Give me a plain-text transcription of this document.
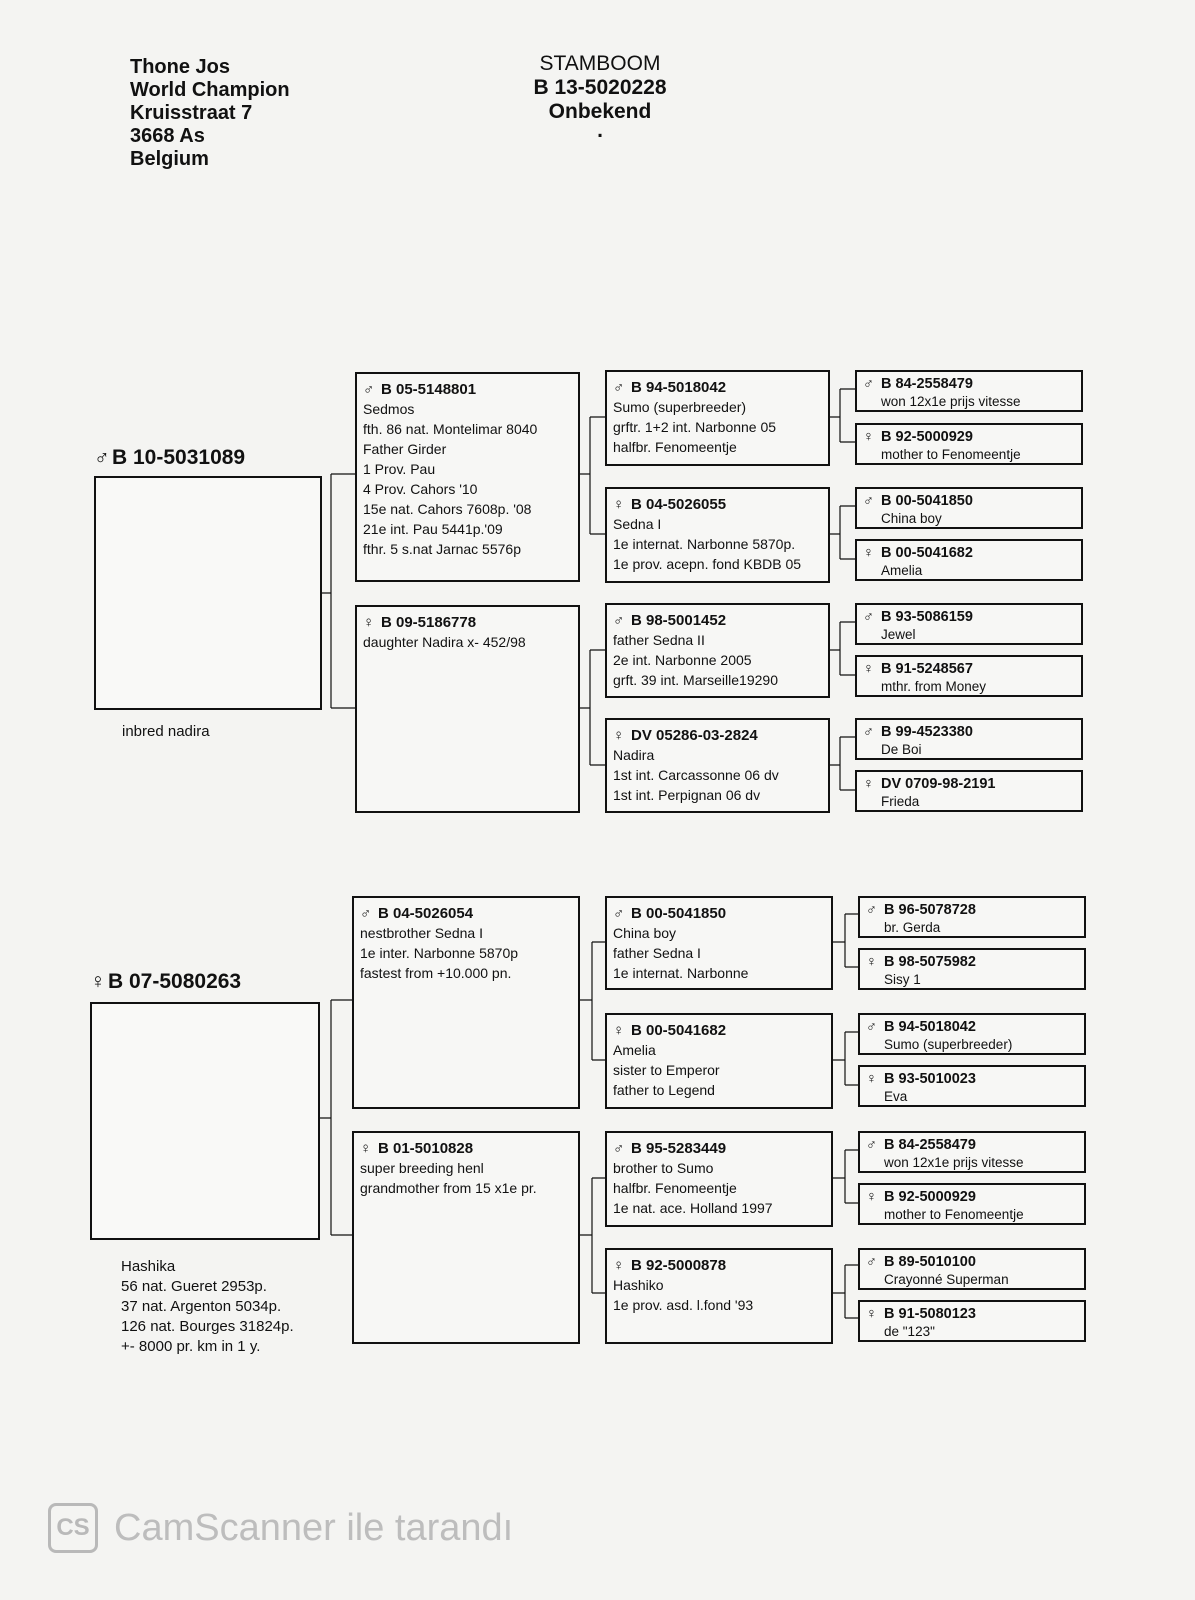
Thone Jos
World Champion
Kruisstraat 7
3668 As
Belgium
STAMBOOM
B 13-5020228
Onbekend
.
♂ B 10-5031089
inbred nadira
♂ B 05-5148801
Sedmos
fth. 86 nat. Montelimar 8040
Father Girder
1 Prov. Pau
4 Prov. Cahors '10
15e nat. Cahors 7608p. '08
21e int. Pau 5441p.'09
fthr. 5 s.nat Jarnac 5576p
♀ B 09-5186778
daughter Nadira x- 452/98
♂ B 94-5018042
Sumo (superbreeder)
grftr. 1+2 int. Narbonne 05
halfbr. Fenomeentje
♀ B 04-5026055
Sedna I
1e internat. Narbonne 5870p.
1e prov. acepn. fond KBDB 05
♂ B 98-5001452
father Sedna II
2e int. Narbonne 2005
grft. 39 int. Marseille19290
♀ DV 05286-03-2824
Nadira
1st int. Carcassonne 06 dv
1st int. Perpignan 06 dv
♂ B 84-2558479
won 12x1e prijs vitesse
♀ B 92-5000929
mother to Fenomeentje
♂ B 00-5041850
China boy
♀ B 00-5041682
Amelia
♂ B 93-5086159
Jewel
♀ B 91-5248567
mthr. from Money
♂ B 99-4523380
De Boi
♀ DV 0709-98-2191
Frieda
♀ B 07-5080263
Hashika
56 nat. Gueret 2953p.
37 nat. Argenton 5034p.
126 nat. Bourges 31824p.
+- 8000 pr. km in 1 y.
♂ B 04-5026054
nestbrother Sedna I
1e inter. Narbonne 5870p
fastest from +10.000 pn.
♀ B 01-5010828
super breeding henl
grandmother from 15 x1e pr.
♂ B 00-5041850
China boy
father Sedna I
1e internat. Narbonne
♀ B 00-5041682
Amelia
sister to Emperor
father to Legend
♂ B 95-5283449
brother to Sumo
halfbr. Fenomeentje
1e nat. ace. Holland 1997
♀ B 92-5000878
Hashiko
1e prov. asd. l.fond '93
♂ B 96-5078728
br. Gerda
♀ B 98-5075982
Sisy 1
♂ B 94-5018042
Sumo (superbreeder)
♀ B 93-5010023
Eva
♂ B 84-2558479
won 12x1e prijs vitesse
♀ B 92-5000929
mother to Fenomeentje
♂ B 89-5010100
Crayonné Superman
♀ B 91-5080123
de "123"
CS CamScanner ile tarandı
